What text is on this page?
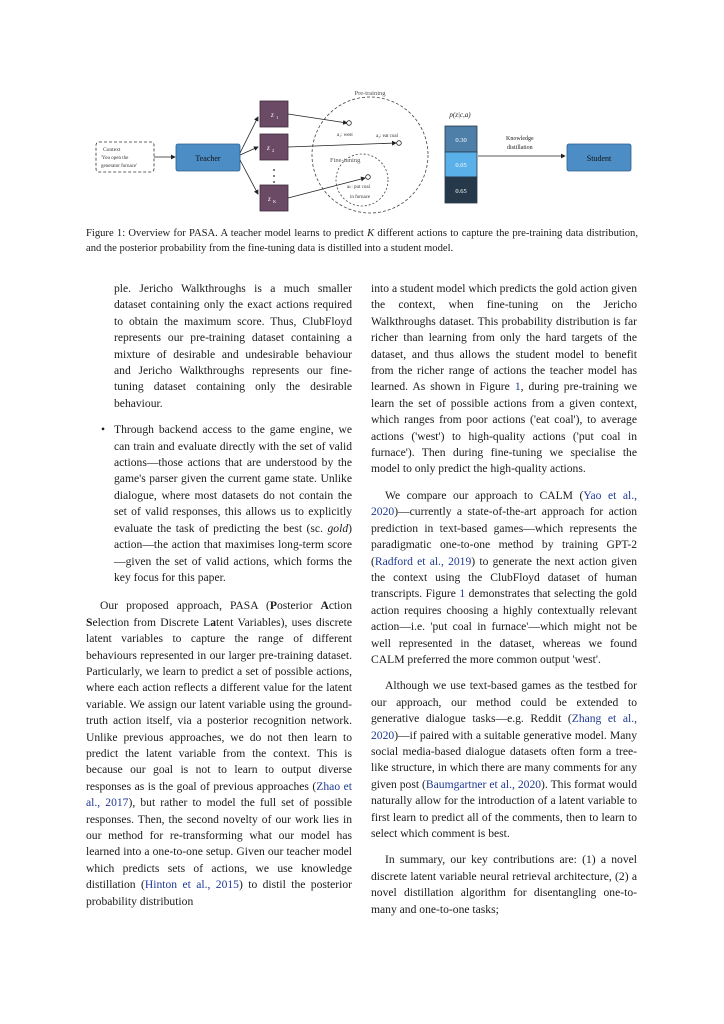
Context
'You open the
generator furnace'
Teacher
z 1
z 2
z K
Pre-training
Fine-tuning
a₁: west	a₂: eat coal
aₖ: put coal
in furnace
p(z|c,a)
0.30
0.05
0.65
Knowledge
distillation
Student
Figure 1: Overview for PASA. A teacher model learns to predict K different actions to capture the pre-training data distribution, and the posterior probability from the fine-tuning data is distilled into a student model.

ple. Jericho Walkthroughs is a much smaller dataset containing only the exact actions required to obtain the maximum score. Thus, ClubFloyd represents our pre-training dataset containing a mixture of desirable and undesirable behaviour and Jericho Walkthroughs represents our fine-tuning dataset containing only the desirable behaviour.

• Through backend access to the game engine, we can train and evaluate directly with the set of valid actions—those actions that are understood by the game's parser given the current game state. Unlike dialogue, where most datasets do not contain the set of valid responses, this allows us to explicitly evaluate the task of predicting the best (sc. gold) action—the action that maximises long-term score—given the set of valid actions, which forms the key focus for this paper.

Our proposed approach, PASA (Posterior Action Selection from Discrete Latent Variables), uses discrete latent variables to capture the range of different behaviours represented in our larger pre-training dataset. Particularly, we learn to predict a set of possible actions, where each action reflects a different value for the latent variable. We assign our latent variable using the ground-truth action itself, via a posterior recognition network. Unlike previous approaches, we do not then learn to predict the latent variable from the context. This is because our goal is not to learn to output diverse responses as is the goal of previous approaches (Zhao et al., 2017), but rather to model the full set of possible responses. Then, the second novelty of our work lies in our method for re-transforming what our model has learned into a one-to-one setup. Given our teacher model which predicts sets of actions, we use knowledge distillation (Hinton et al., 2015) to distil the posterior probability distribution

into a student model which predicts the gold action given the context, when fine-tuning on the Jericho Walkthroughs dataset. This probability distribution is far richer than learning from only the hard targets of the dataset, and thus allows the student model to benefit from the richer range of actions the teacher model has learned. As shown in Figure 1, during pre-training we learn the set of possible actions from a given context, which ranges from poor actions ('eat coal'), to average actions ('west') to high-quality actions ('put coal in furnace'). Then during fine-tuning we specialise the model to only predict the high-quality actions.

We compare our approach to CALM (Yao et al., 2020)—currently a state-of-the-art approach for action prediction in text-based games—which represents the paradigmatic one-to-one method by training GPT-2 (Radford et al., 2019) to generate the next action given the context using the ClubFloyd dataset of human transcripts. Figure 1 demonstrates that selecting the gold action requires choosing a highly contextually relevant action—i.e. 'put coal in furnace'—which might not be well represented in the dataset, whereas we found CALM preferred the more common output 'west'.

Although we use text-based games as the testbed for our approach, our method could be extended to generative dialogue tasks—e.g. Reddit (Zhang et al., 2020)—if paired with a suitable generative model. Many social media-based dialogue datasets often form a tree-like structure, in which there are many comments for any given post (Baumgartner et al., 2020). This format would naturally allow for the introduction of a latent variable to first learn to predict all of the comments, then to learn to select which comment is best.

In summary, our key contributions are: (1) a novel discrete latent variable neural retrieval architecture, (2) a novel distillation algorithm for disentangling one-to-many and one-to-one tasks;
